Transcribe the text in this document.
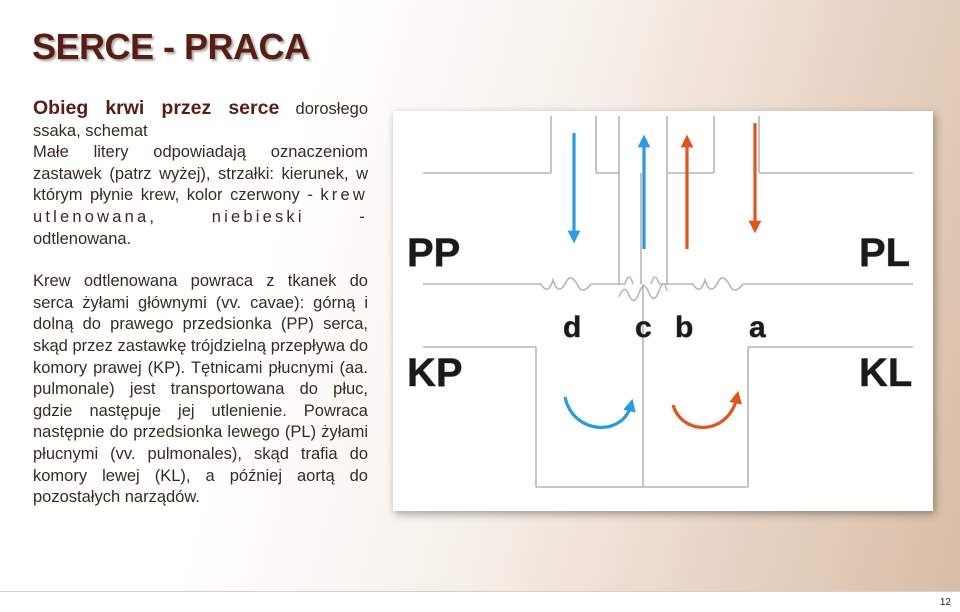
SERCE - PRACA

Obieg krwi przez serce dorosłego ssaka, schemat
Małe litery odpowiadają oznaczeniom zastawek (patrz wyżej), strzałki: kierunek, w którym płynie krew, kolor czerwony - krew utlenowana, niebieski - odtlenowana.

Krew odtlenowana powraca z tkanek do serca żyłami głównymi (vv. cavae): górną i dolną do prawego przedsionka (PP) serca, skąd przez zastawkę trójdzielną przepływa do komory prawej (KP). Tętnicami płucnymi (aa. pulmonale) jest transportowana do płuc, gdzie następuje jej utlenienie. Powraca następnie do przedsionka lewego (PL) żyłami płucnymi (vv. pulmonales), skąd trafia do komory lewej (KL), a później aortą do pozostałych narządów.

PP	PL
KP	KL
d c b a
12
